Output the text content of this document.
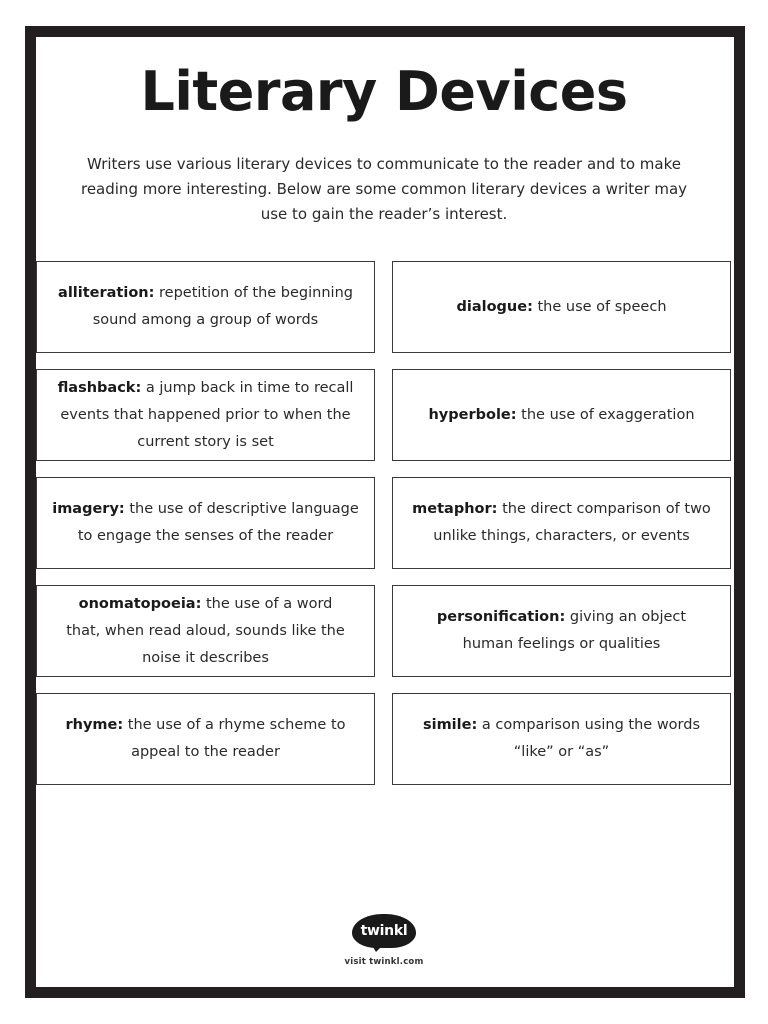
Literary Devices
Writers use various literary devices to communicate to the reader and to make reading more interesting. Below are some common literary devices a writer may use to gain the reader’s interest.
alliteration: repetition of the beginning sound among a group of words
dialogue: the use of speech
flashback: a jump back in time to recall events that happened prior to when the current story is set
hyperbole: the use of exaggeration
imagery: the use of descriptive language to engage the senses of the reader
metaphor: the direct comparison of two unlike things, characters, or events
onomatopoeia: the use of a word that, when read aloud, sounds like the noise it describes
personification: giving an object human feelings or qualities
rhyme: the use of a rhyme scheme to appeal to the reader
simile: a comparison using the words “like” or “as”
twinkl
visit twinkl.com
